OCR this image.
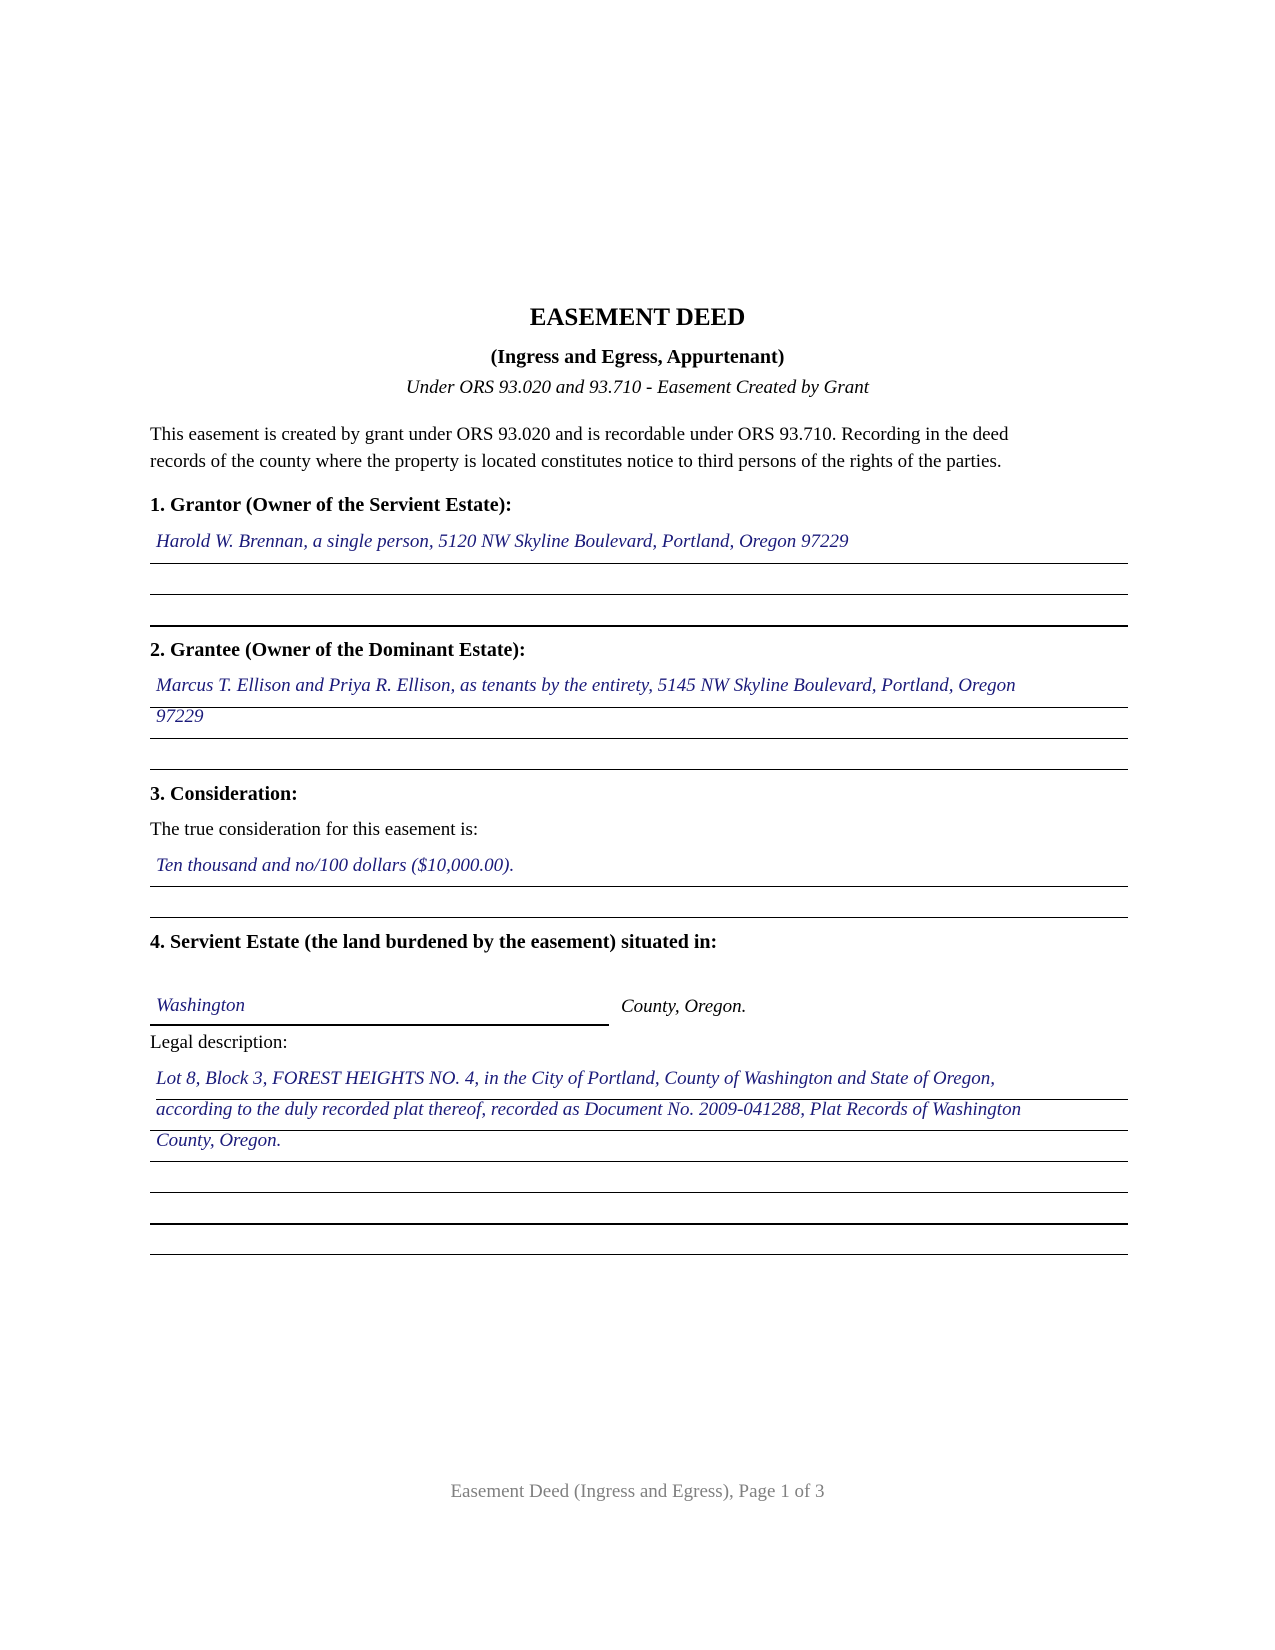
EASEMENT DEED
(Ingress and Egress, Appurtenant)
Under ORS 93.020 and 93.710 - Easement Created by Grant
This easement is created by grant under ORS 93.020 and is recordable under ORS 93.710. Recording in the deed
records of the county where the property is located constitutes notice to third persons of the rights of the parties.
1. Grantor (Owner of the Servient Estate):
Harold W. Brennan, a single person, 5120 NW Skyline Boulevard, Portland, Oregon 97229
2. Grantee (Owner of the Dominant Estate):
Marcus T. Ellison and Priya R. Ellison, as tenants by the entirety, 5145 NW Skyline Boulevard, Portland, Oregon
97229
3. Consideration:
The true consideration for this easement is:
Ten thousand and no/100 dollars ($10,000.00).
4. Servient Estate (the land burdened by the easement) situated in:
Washington	County, Oregon.
Legal description:
Lot 8, Block 3, FOREST HEIGHTS NO. 4, in the City of Portland, County of Washington and State of Oregon,
according to the duly recorded plat thereof, recorded as Document No. 2009-041288, Plat Records of Washington
County, Oregon.
Easement Deed (Ingress and Egress), Page 1 of 3
